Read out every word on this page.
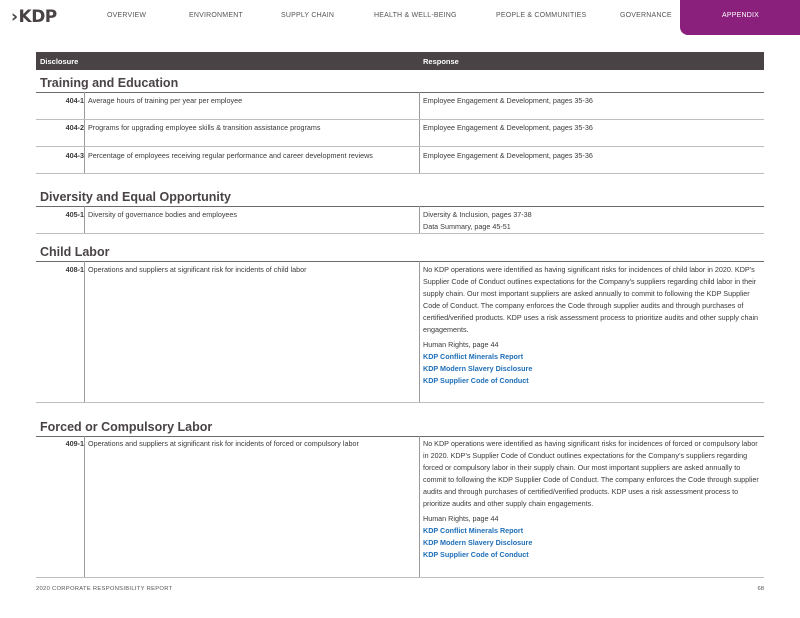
›KDP	OVERVIEW	ENVIRONMENT	SUPPLY CHAIN	HEALTH & WELL-BEING	PEOPLE & COMMUNITIES	GOVERNANCE	APPENDIX
Disclosure	Response
Training and Education
404-1 Average hours of training per year per employee	Employee Engagement & Development, pages 35-36
404-2 Programs for upgrading employee skills & transition assistance programs	Employee Engagement & Development, pages 35-36
404-3 Percentage of employees receiving regular performance and career development reviews	Employee Engagement & Development, pages 35-36
Diversity and Equal Opportunity
405-1 Diversity of governance bodies and employees	Diversity & Inclusion, pages 37-38
Data Summary, page 45-51
Child Labor
408-1 Operations and suppliers at significant risk for incidents of child labor	No KDP operations were identified as having significant risks for incidences of child labor in 2020. KDP’s Supplier Code of Conduct outlines expectations for the Company’s suppliers regarding child labor in their supply chain. Our most important suppliers are asked annually to commit to following the KDP Supplier Code of Conduct. The company enforces the Code through supplier audits and through purchases of certified/verified products. KDP uses a risk assessment process to prioritize audits and other supply chain engagements.

Human Rights, page 44
KDP Conflict Minerals Report
KDP Modern Slavery Disclosure
KDP Supplier Code of Conduct
Forced or Compulsory Labor
409-1 Operations and suppliers at significant risk for incidents of forced or compulsory labor	No KDP operations were identified as having significant risks for incidences of forced or compulsory labor in 2020. KDP’s Supplier Code of Conduct outlines expectations for the Company’s suppliers regarding forced or compulsory labor in their supply chain. Our most important suppliers are asked annually to commit to following the KDP Supplier Code of Conduct. The company enforces the Code through supplier audits and through purchases of certified/verified products. KDP uses a risk assessment process to prioritize audits and other supply chain engagements.

Human Rights, page 44
KDP Conflict Minerals Report
KDP Modern Slavery Disclosure
KDP Supplier Code of Conduct
2020 CORPORATE RESPONSIBILITY REPORT	68
